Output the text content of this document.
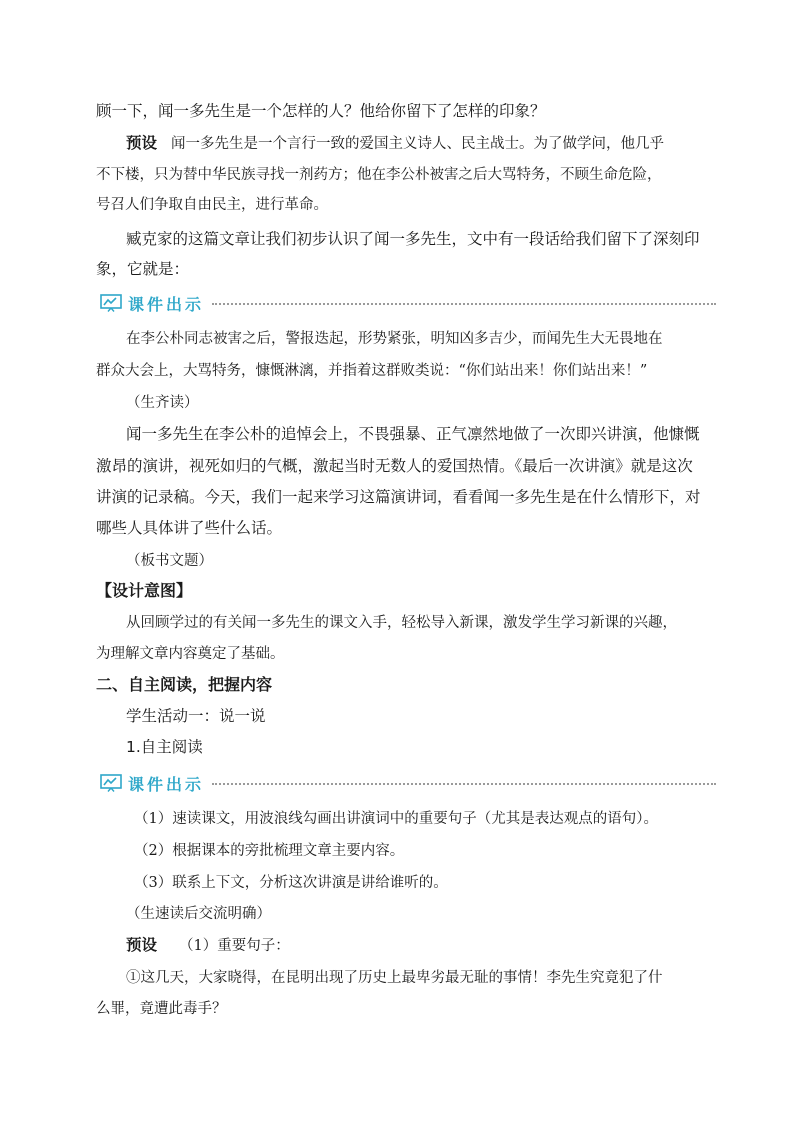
顾一下，闻一多先生是一个怎样的人？他给你留下了怎样的印象？
预设 闻一多先生是一个言行一致的爱国主义诗人、民主战士。为了做学问，他几乎
不下楼，只为替中华民族寻找一剂药方；他在李公朴被害之后大骂特务，不顾生命危险，
号召人们争取自由民主，进行革命。
臧克家的这篇文章让我们初步认识了闻一多先生，文中有一段话给我们留下了深刻印
象，它就是：
课件出示
在李公朴同志被害之后，警报迭起，形势紧张，明知凶多吉少，而闻先生大无畏地在
群众大会上，大骂特务，慷慨淋漓，并指着这群败类说：“你们站出来！你们站出来！”
（生齐读）
闻一多先生在李公朴的追悼会上，不畏强暴、正气凛然地做了一次即兴讲演，他慷慨
激昂的演讲，视死如归的气概，激起当时无数人的爱国热情。《最后一次讲演》就是这次
讲演的记录稿。今天，我们一起来学习这篇演讲词，看看闻一多先生是在什么情形下，对
哪些人具体讲了些什么话。
（板书文题）
【设计意图】
从回顾学过的有关闻一多先生的课文入手，轻松导入新课，激发学生学习新课的兴趣，
为理解文章内容奠定了基础。
二、自主阅读，把握内容
学生活动一：说一说
1.自主阅读
课件出示
（1）速读课文，用波浪线勾画出讲演词中的重要句子（尤其是表达观点的语句）。
（2）根据课本的旁批梳理文章主要内容。
（3）联系上下文，分析这次讲演是讲给谁听的。
（生速读后交流明确）
预设 （1）重要句子：
①这几天，大家晓得，在昆明出现了历史上最卑劣最无耻的事情！李先生究竟犯了什
么罪，竟遭此毒手？
